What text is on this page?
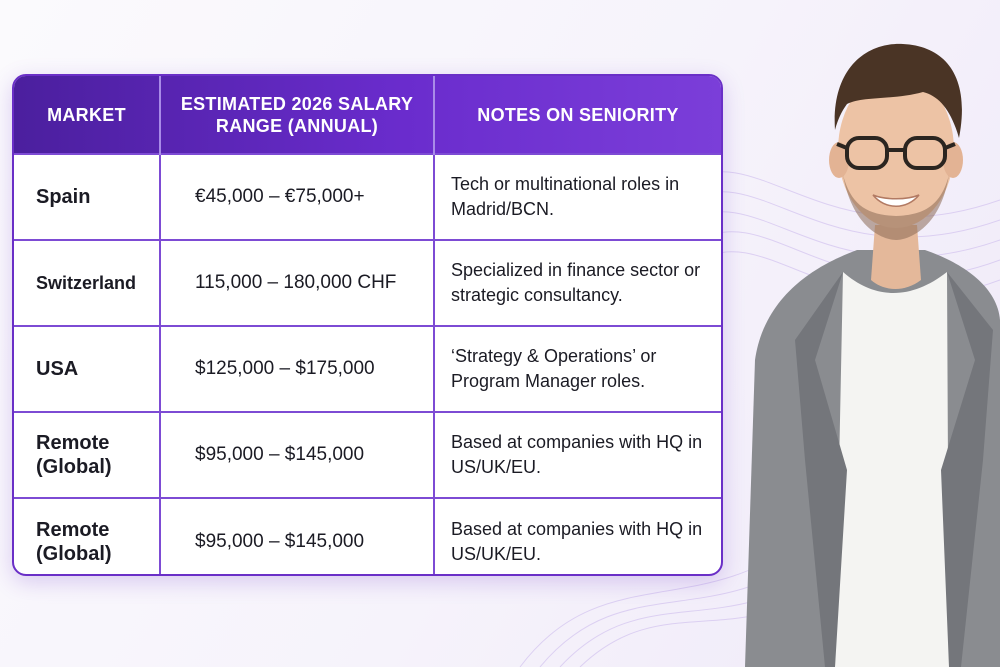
MARKET	ESTIMATED 2026 SALARY RANGE (ANNUAL)	NOTES ON SENIORITY
Spain	€45,000 – €75,000+	Tech or multinational roles in Madrid/BCN.
Switzerland	115,000 – 180,000 CHF	Specialized in finance sector or strategic consultancy.
USA	$125,000 – $175,000	‘Strategy & Operations’ or Program Manager roles.
Remote (Global)	$95,000 – $145,000	Based at companies with HQ in US/UK/EU.
Remote (Global)	$95,000 – $145,000	Based at companies with HQ in US/UK/EU.
